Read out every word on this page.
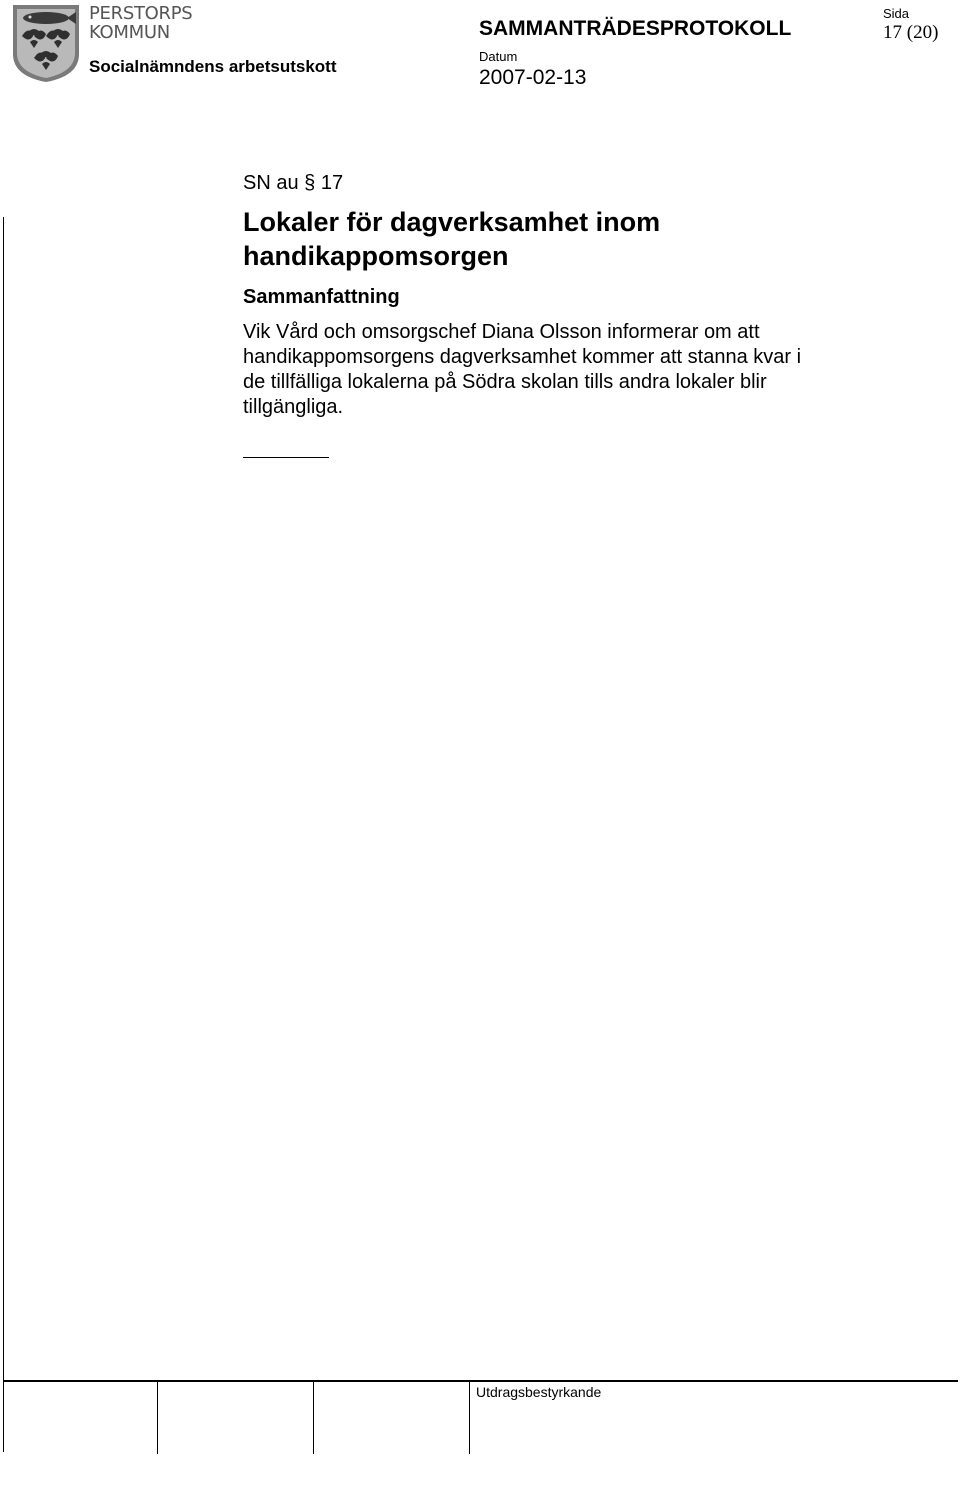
PERSTORPS
KOMMUN
Socialnämndens arbetsutskott
SAMMANTRÄDESPROTOKOLL
Datum
2007-02-13
Sida
17 (20)
SN au § 17
Lokaler för dagverksamhet inom handikappomsorgen
Sammanfattning
Vik Vård och omsorgschef Diana Olsson informerar om att handikappomsorgens dagverksamhet kommer att stanna kvar i de tillfälliga lokalerna på Södra skolan tills andra lokaler blir tillgängliga.
Utdragsbestyrkande
